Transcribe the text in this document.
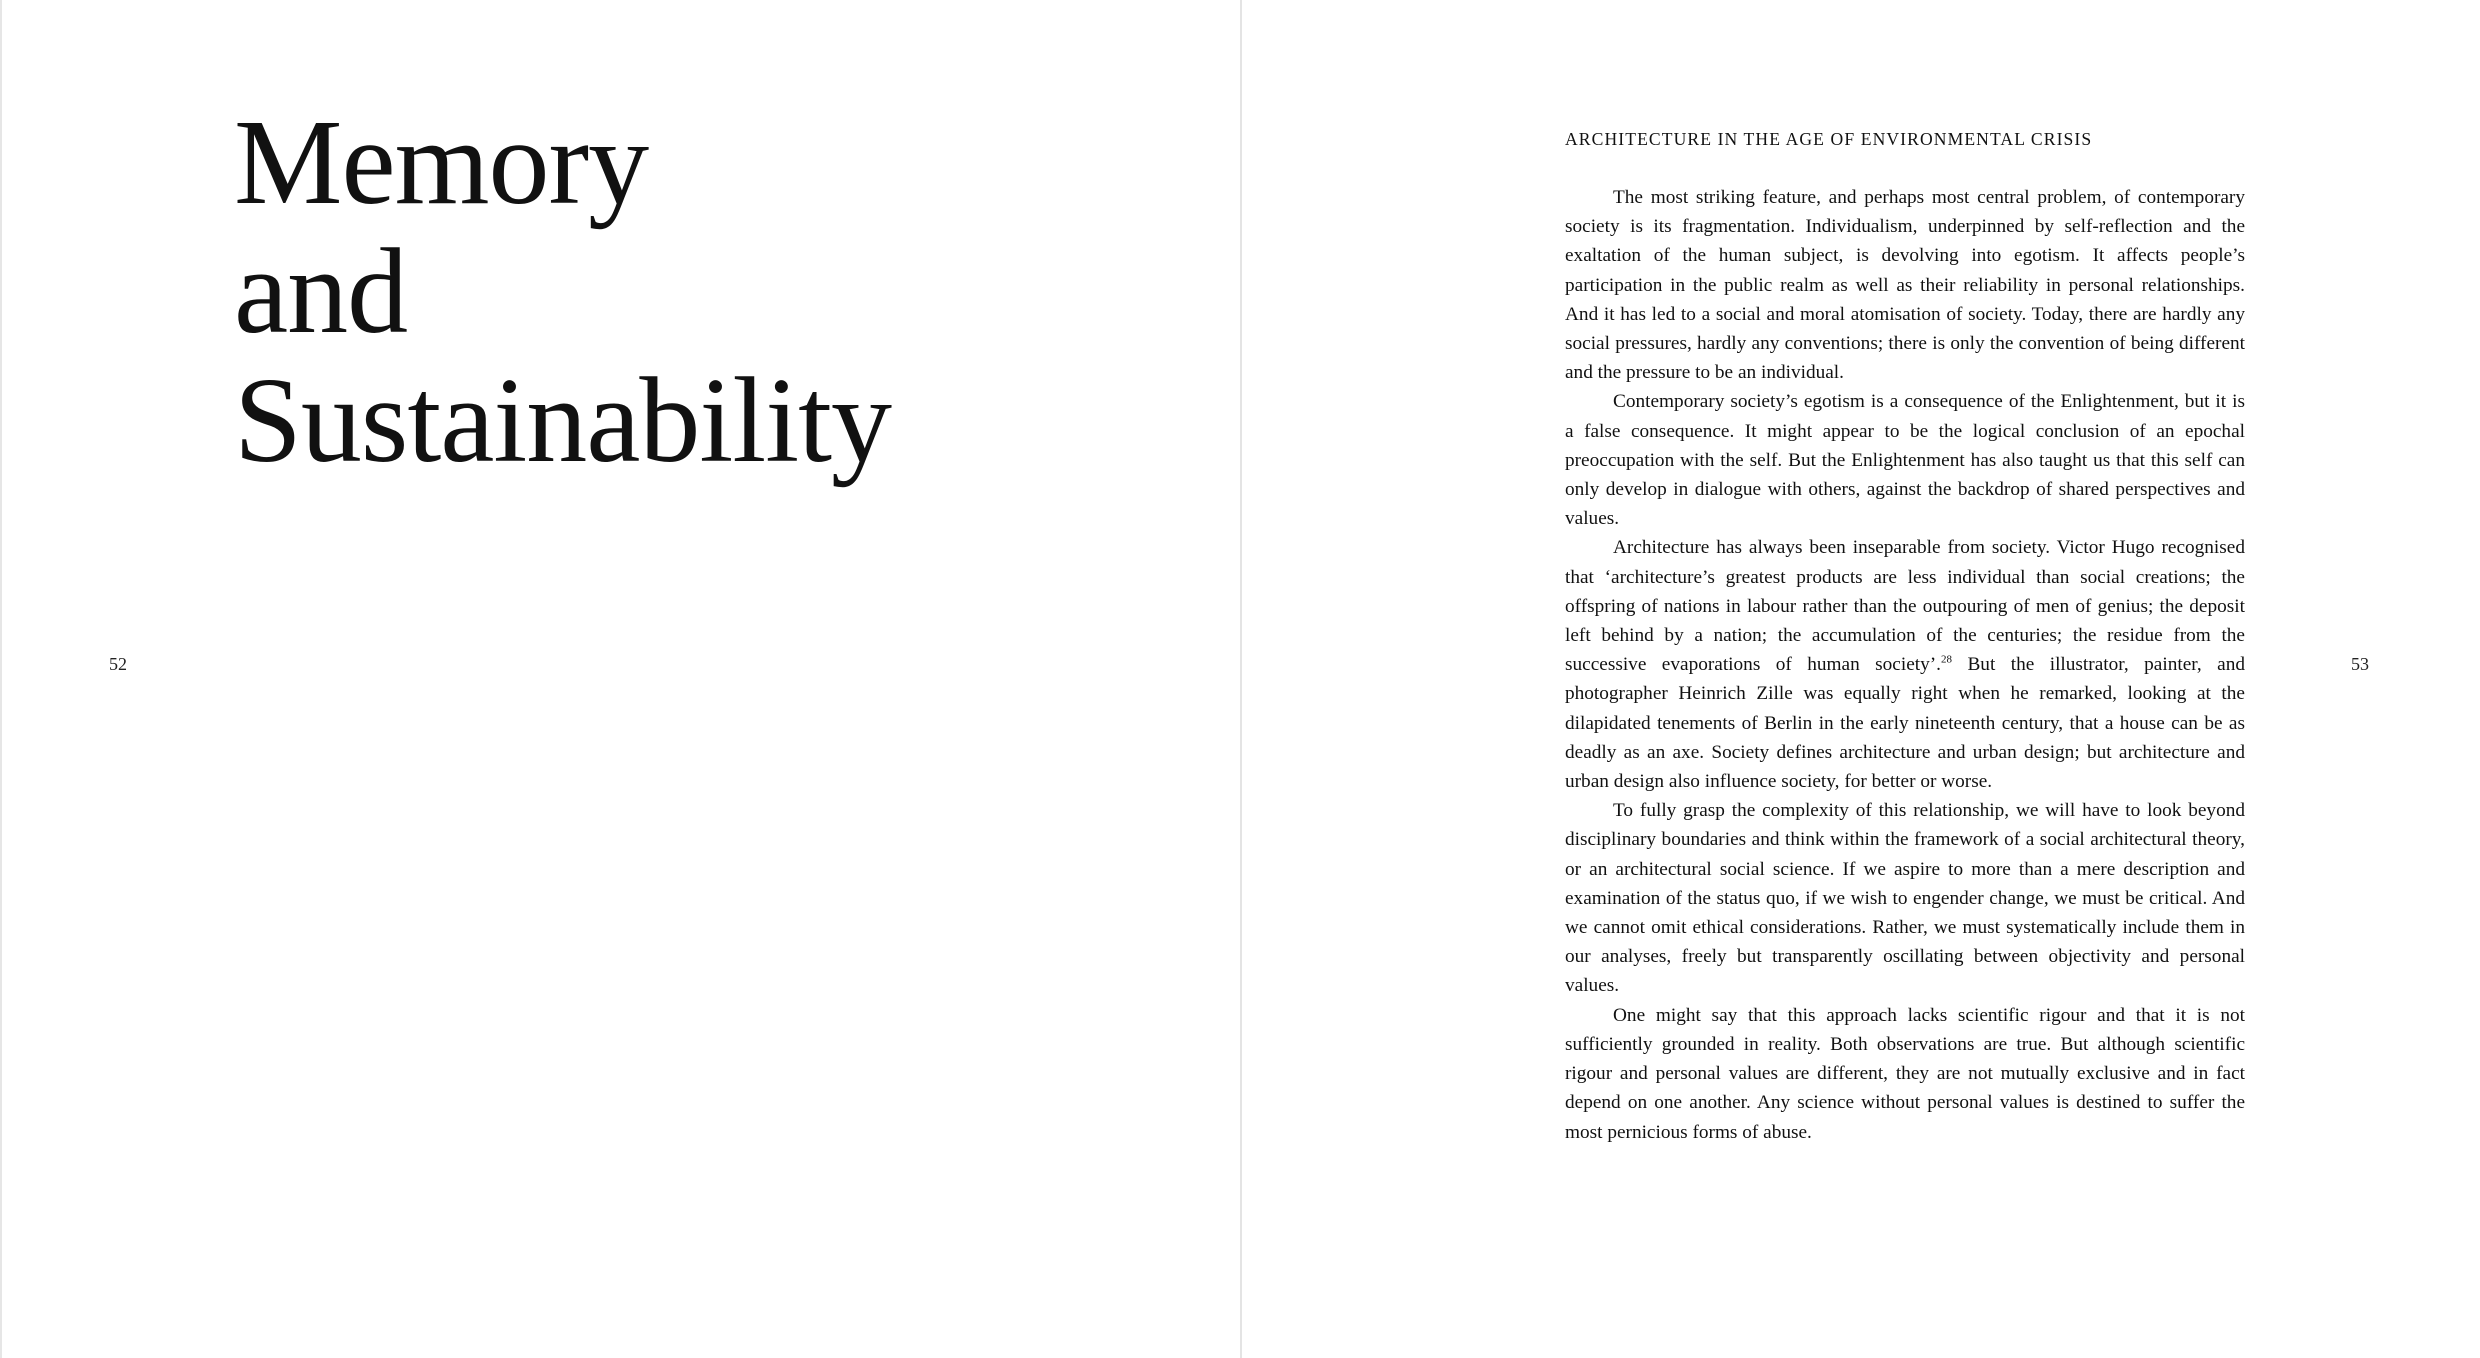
Memory
and
Sustainability
52
ARCHITECTURE IN THE AGE OF ENVIRONMENTAL CRISIS

The most striking feature, and perhaps most central problem, of contemporary society is its fragmentation. Individualism, underpinned by self-reflection and the exaltation of the human subject, is devolving into egotism. It affects people’s participation in the public realm as well as their reliability in personal relationships. And it has led to a social and moral atomisation of society. Today, there are hardly any social pressures, hardly any conventions; there is only the convention of being different and the pressure to be an individual.

Contemporary society’s egotism is a consequence of the Enlightenment, but it is a false consequence. It might appear to be the logical conclusion of an epochal preoccupation with the self. But the Enlightenment has also taught us that this self can only develop in dialogue with others, against the backdrop of shared perspectives and values.

Architecture has always been inseparable from society. Victor Hugo recognised that ‘architecture’s greatest products are less individual than social creations; the offspring of nations in labour rather than the outpouring of men of genius; the deposit left behind by a nation; the accumulation of the centuries; the residue from the successive evaporations of human society’.$^{28}$ But the illustrator, painter, and photographer Heinrich Zille was equally right when he remarked, looking at the dilapidated tenements of Berlin in the early nineteenth century, that a house can be as deadly as an axe. Society defines architecture and urban design; but architecture and urban design also influence society, for better or worse.

To fully grasp the complexity of this relationship, we will have to look beyond disciplinary boundaries and think within the framework of a social architectural theory, or an architectural social science. If we aspire to more than a mere description and examination of the status quo, if we wish to engender change, we must be critical. And we cannot omit ethical considerations. Rather, we must systematically include them in our analyses, freely but transparently oscillating between objectivity and personal values.

One might say that this approach lacks scientific rigour and that it is not sufficiently grounded in reality. Both observations are true. But although scientific rigour and personal values are different, they are not mutually exclusive and in fact depend on one another. Any science without personal values is destined to suffer the most pernicious forms of abuse.

53
